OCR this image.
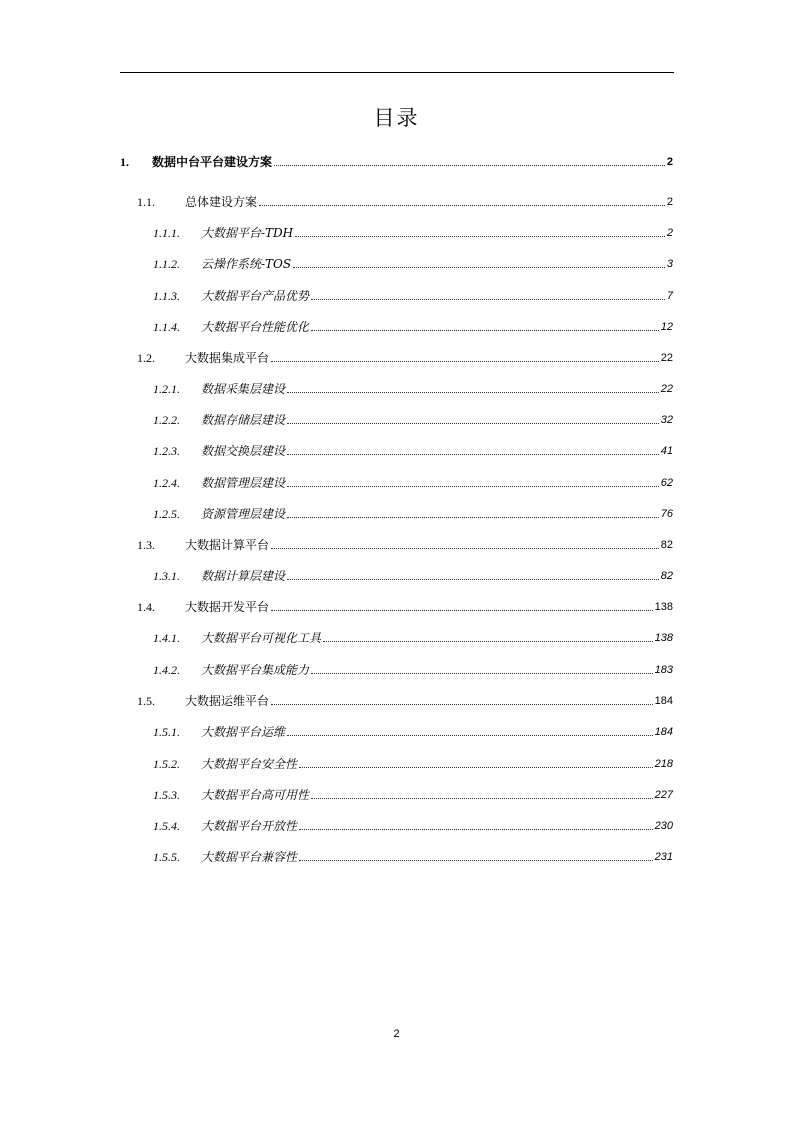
目录
1.	数据中台平台建设方案	2
1.1.	总体建设方案	2
1.1.1.	大数据平台-TDH	2
1.1.2.	云操作系统-TOS	3
1.1.3.	大数据平台产品优势	7
1.1.4.	大数据平台性能优化	12
1.2.	大数据集成平台	22
1.2.1.	数据采集层建设	22
1.2.2.	数据存储层建设	32
1.2.3.	数据交换层建设	41
1.2.4.	数据管理层建设	62
1.2.5.	资源管理层建设	76
1.3.	大数据计算平台	82
1.3.1.	数据计算层建设	82
1.4.	大数据开发平台	138
1.4.1.	大数据平台可视化工具	138
1.4.2.	大数据平台集成能力	183
1.5.	大数据运维平台	184
1.5.1.	大数据平台运维	184
1.5.2.	大数据平台安全性	218
1.5.3.	大数据平台高可用性	227
1.5.4.	大数据平台开放性	230
1.5.5.	大数据平台兼容性	231
2
